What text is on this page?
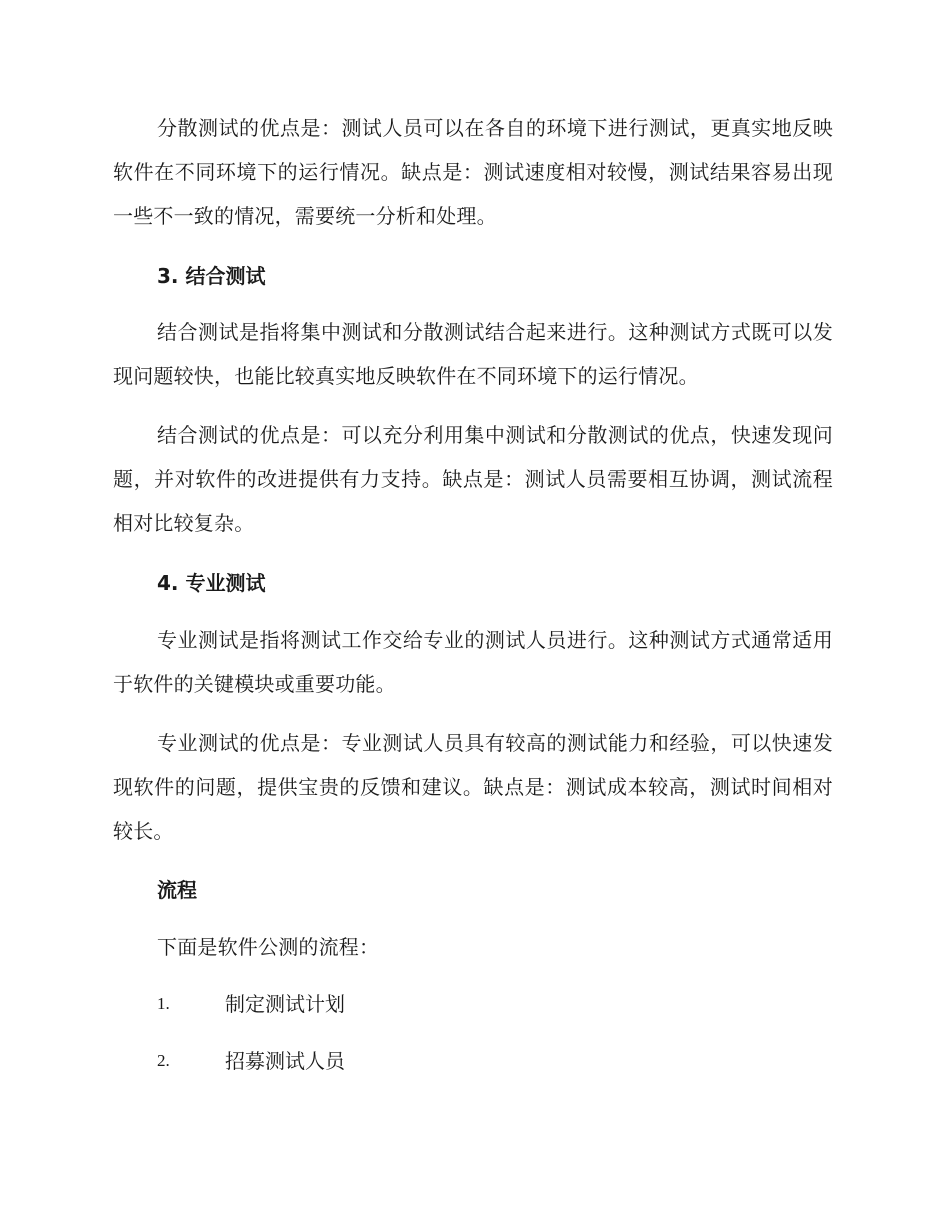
分散测试的优点是：测试人员可以在各自的环境下进行测试，更真实地反映软件在不同环境下的运行情况。缺点是：测试速度相对较慢，测试结果容易出现一些不一致的情况，需要统一分析和处理。

3. 结合测试

结合测试是指将集中测试和分散测试结合起来进行。这种测试方式既可以发现问题较快，也能比较真实地反映软件在不同环境下的运行情况。

结合测试的优点是：可以充分利用集中测试和分散测试的优点，快速发现问题，并对软件的改进提供有力支持。缺点是：测试人员需要相互协调，测试流程相对比较复杂。

4. 专业测试

专业测试是指将测试工作交给专业的测试人员进行。这种测试方式通常适用于软件的关键模块或重要功能。

专业测试的优点是：专业测试人员具有较高的测试能力和经验，可以快速发现软件的问题，提供宝贵的反馈和建议。缺点是：测试成本较高，测试时间相对较长。

流程

下面是软件公测的流程：

1.	制定测试计划
2.	招募测试人员
